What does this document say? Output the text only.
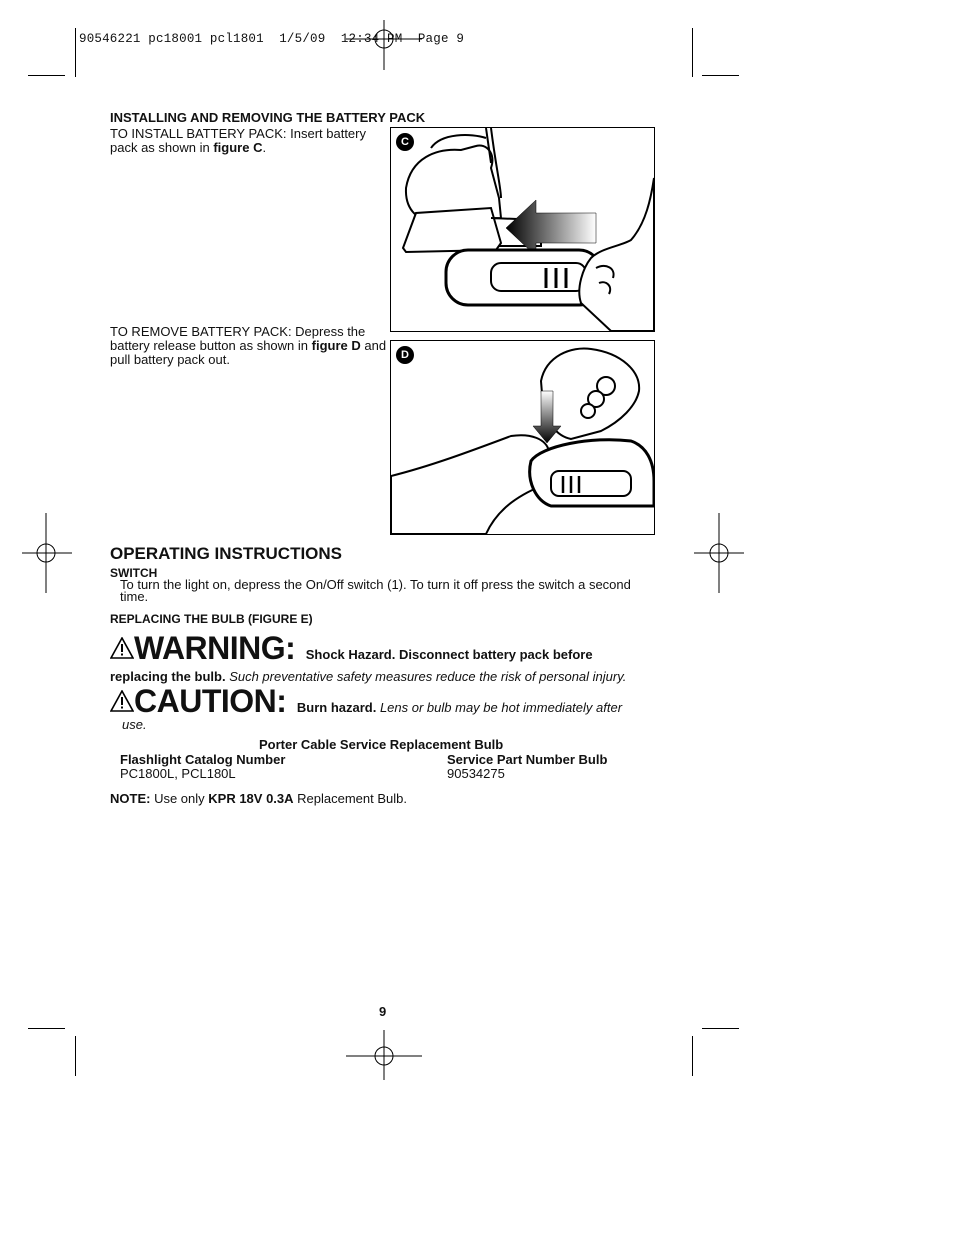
90546221 pc18001 pcl1801  1/5/09  12:34 PM  Page 9
INSTALLING AND REMOVING THE BATTERY PACK
TO INSTALL BATTERY PACK: Insert battery pack as shown in figure C.
TO REMOVE BATTERY PACK: Depress the battery release button as shown in figure D and pull battery pack out.
C
D
OPERATING INSTRUCTIONS
SWITCH
To turn the light on, depress the On/Off switch (1). To turn it off press the switch a second time.
REPLACING THE BULB (FIGURE E)
WARNING: Shock Hazard. Disconnect battery pack before
replacing the bulb. Such preventative safety measures reduce the risk of personal injury.
CAUTION: Burn hazard. Lens or bulb may be hot immediately after
use.
Porter Cable Service Replacement Bulb
Flashlight Catalog Number	Service Part Number Bulb
PC1800L, PCL180L	90534275
NOTE: Use only KPR 18V 0.3A Replacement Bulb.
9
